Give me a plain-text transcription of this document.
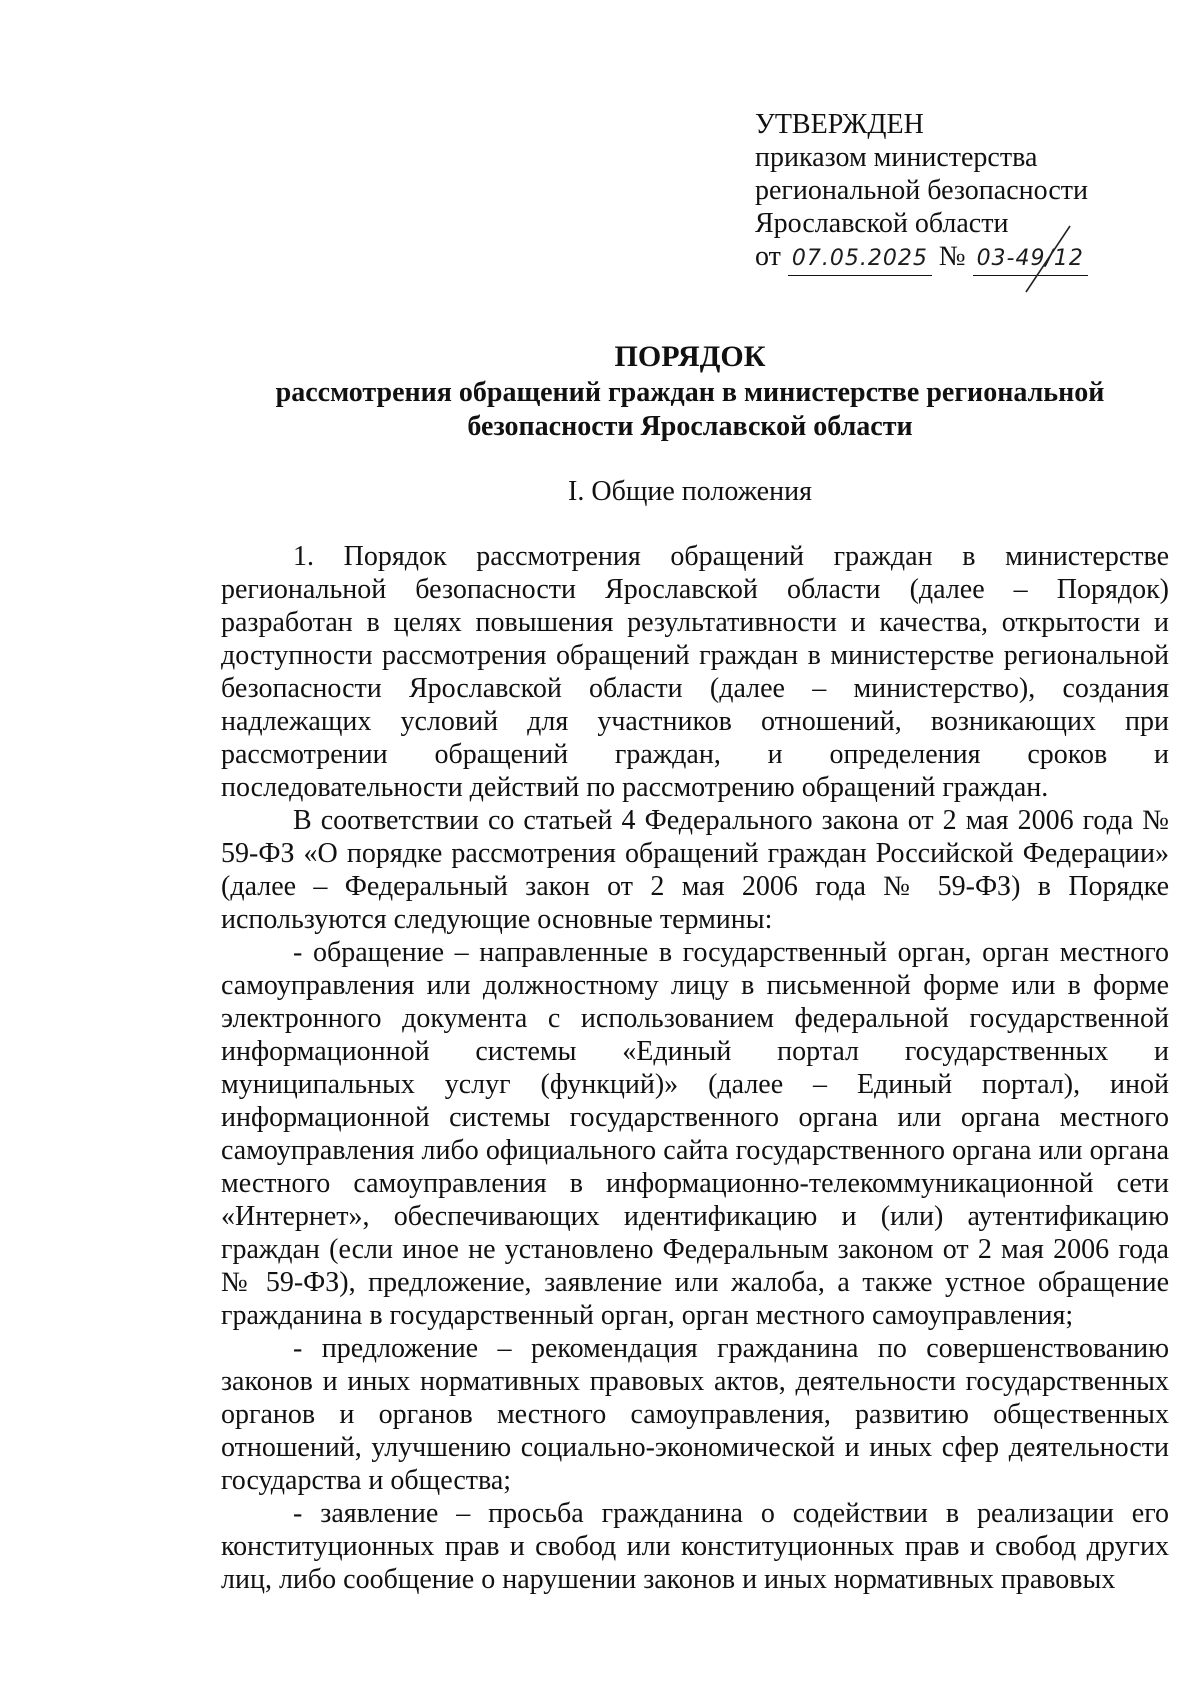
УТВЕРЖДЕН
приказом министерства
региональной безопасности
Ярославской области
от 07.05.2025 № 03-49/12
ПОРЯДОК
рассмотрения обращений граждан в министерстве региональной
безопасности Ярославской области
I. Общие положения

1. Порядок рассмотрения обращений граждан в министерстве региональной безопасности Ярославской области (далее – Порядок) разработан в целях повышения результативности и качества, открытости и доступности рассмотрения обращений граждан в министерстве региональной безопасности Ярославской области (далее – министерство), создания надлежащих условий для участников отношений, возникающих при рассмотрении обращений граждан, и определения сроков и последовательности действий по рассмотрению обращений граждан.

В соответствии со статьей 4 Федерального закона от 2 мая 2006 года № 59-ФЗ «О порядке рассмотрения обращений граждан Российской Федерации» (далее – Федеральный закон от 2 мая 2006 года № 59-ФЗ) в Порядке используются следующие основные термины:

- обращение – направленные в государственный орган, орган местного самоуправления или должностному лицу в письменной форме или в форме электронного документа с использованием федеральной государственной информационной системы «Единый портал государственных и муниципальных услуг (функций)» (далее – Единый портал), иной информационной системы государственного органа или органа местного самоуправления либо официального сайта государственного органа или органа местного самоуправления в информационно-телекоммуникационной сети «Интернет», обеспечивающих идентификацию и (или) аутентификацию граждан (если иное не установлено Федеральным законом от 2 мая 2006 года № 59-ФЗ), предложение, заявление или жалоба, а также устное обращение гражданина в государственный орган, орган местного самоуправления;

- предложение – рекомендация гражданина по совершенствованию законов и иных нормативных правовых актов, деятельности государственных органов и органов местного самоуправления, развитию общественных отношений, улучшению социально-экономической и иных сфер деятельности государства и общества;

- заявление – просьба гражданина о содействии в реализации его конституционных прав и свобод или конституционных прав и свобод других лиц, либо сообщение о нарушении законов и иных нормативных правовых
